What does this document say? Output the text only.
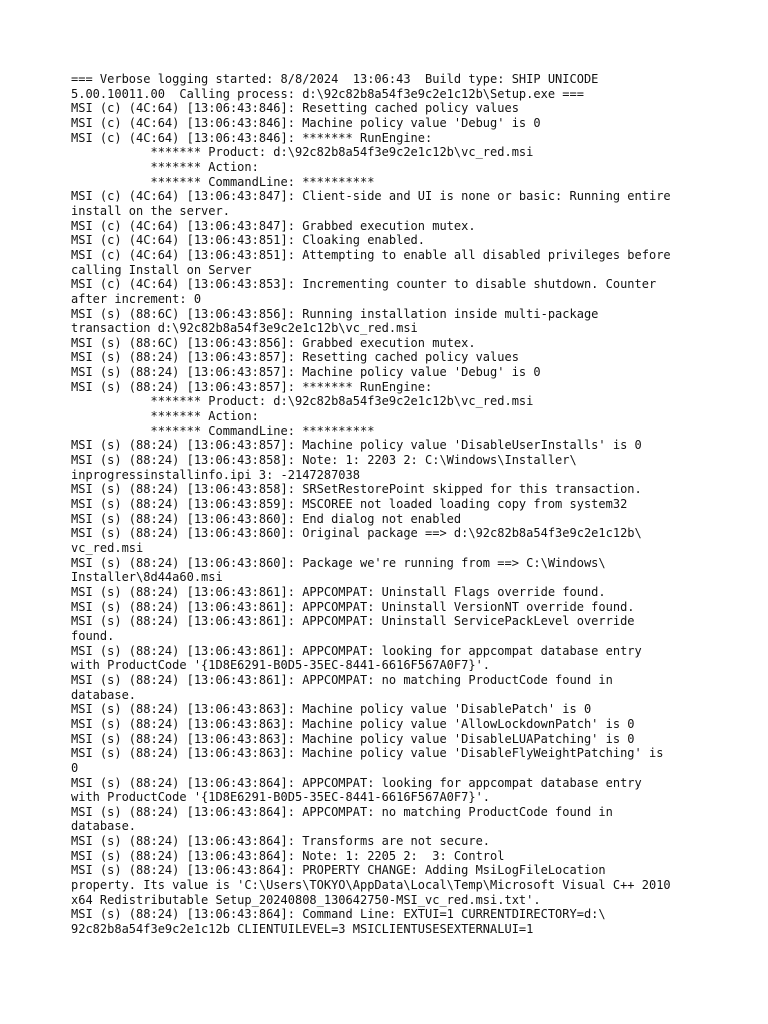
=== Verbose logging started: 8/8/2024  13:06:43  Build type: SHIP UNICODE
5.00.10011.00  Calling process: d:\92c82b8a54f3e9c2e1c12b\Setup.exe ===
MSI (c) (4C:64) [13:06:43:846]: Resetting cached policy values
MSI (c) (4C:64) [13:06:43:846]: Machine policy value 'Debug' is 0
MSI (c) (4C:64) [13:06:43:846]: ******* RunEngine:
******* Product: d:\92c82b8a54f3e9c2e1c12b\vc_red.msi
******* Action:
******* CommandLine: **********
MSI (c) (4C:64) [13:06:43:847]: Client-side and UI is none or basic: Running entire
install on the server.
MSI (c) (4C:64) [13:06:43:847]: Grabbed execution mutex.
MSI (c) (4C:64) [13:06:43:851]: Cloaking enabled.
MSI (c) (4C:64) [13:06:43:851]: Attempting to enable all disabled privileges before
calling Install on Server
MSI (c) (4C:64) [13:06:43:853]: Incrementing counter to disable shutdown. Counter
after increment: 0
MSI (s) (88:6C) [13:06:43:856]: Running installation inside multi-package
transaction d:\92c82b8a54f3e9c2e1c12b\vc_red.msi
MSI (s) (88:6C) [13:06:43:856]: Grabbed execution mutex.
MSI (s) (88:24) [13:06:43:857]: Resetting cached policy values
MSI (s) (88:24) [13:06:43:857]: Machine policy value 'Debug' is 0
MSI (s) (88:24) [13:06:43:857]: ******* RunEngine:
******* Product: d:\92c82b8a54f3e9c2e1c12b\vc_red.msi
******* Action:
******* CommandLine: **********
MSI (s) (88:24) [13:06:43:857]: Machine policy value 'DisableUserInstalls' is 0
MSI (s) (88:24) [13:06:43:858]: Note: 1: 2203 2: C:\Windows\Installer\
inprogressinstallinfo.ipi 3: -2147287038
MSI (s) (88:24) [13:06:43:858]: SRSetRestorePoint skipped for this transaction.
MSI (s) (88:24) [13:06:43:859]: MSCOREE not loaded loading copy from system32
MSI (s) (88:24) [13:06:43:860]: End dialog not enabled
MSI (s) (88:24) [13:06:43:860]: Original package ==> d:\92c82b8a54f3e9c2e1c12b\
vc_red.msi
MSI (s) (88:24) [13:06:43:860]: Package we're running from ==> C:\Windows\
Installer\8d44a60.msi
MSI (s) (88:24) [13:06:43:861]: APPCOMPAT: Uninstall Flags override found.
MSI (s) (88:24) [13:06:43:861]: APPCOMPAT: Uninstall VersionNT override found.
MSI (s) (88:24) [13:06:43:861]: APPCOMPAT: Uninstall ServicePackLevel override
found.
MSI (s) (88:24) [13:06:43:861]: APPCOMPAT: looking for appcompat database entry
with ProductCode '{1D8E6291-B0D5-35EC-8441-6616F567A0F7}'.
MSI (s) (88:24) [13:06:43:861]: APPCOMPAT: no matching ProductCode found in
database.
MSI (s) (88:24) [13:06:43:863]: Machine policy value 'DisablePatch' is 0
MSI (s) (88:24) [13:06:43:863]: Machine policy value 'AllowLockdownPatch' is 0
MSI (s) (88:24) [13:06:43:863]: Machine policy value 'DisableLUAPatching' is 0
MSI (s) (88:24) [13:06:43:863]: Machine policy value 'DisableFlyWeightPatching' is
0
MSI (s) (88:24) [13:06:43:864]: APPCOMPAT: looking for appcompat database entry
with ProductCode '{1D8E6291-B0D5-35EC-8441-6616F567A0F7}'.
MSI (s) (88:24) [13:06:43:864]: APPCOMPAT: no matching ProductCode found in
database.
MSI (s) (88:24) [13:06:43:864]: Transforms are not secure.
MSI (s) (88:24) [13:06:43:864]: Note: 1: 2205 2:  3: Control
MSI (s) (88:24) [13:06:43:864]: PROPERTY CHANGE: Adding MsiLogFileLocation
property. Its value is 'C:\Users\TOKYO\AppData\Local\Temp\Microsoft Visual C++ 2010
x64 Redistributable Setup_20240808_130642750-MSI_vc_red.msi.txt'.
MSI (s) (88:24) [13:06:43:864]: Command Line: EXTUI=1 CURRENTDIRECTORY=d:\
92c82b8a54f3e9c2e1c12b CLIENTUILEVEL=3 MSICLIENTUSESEXTERNALUI=1
